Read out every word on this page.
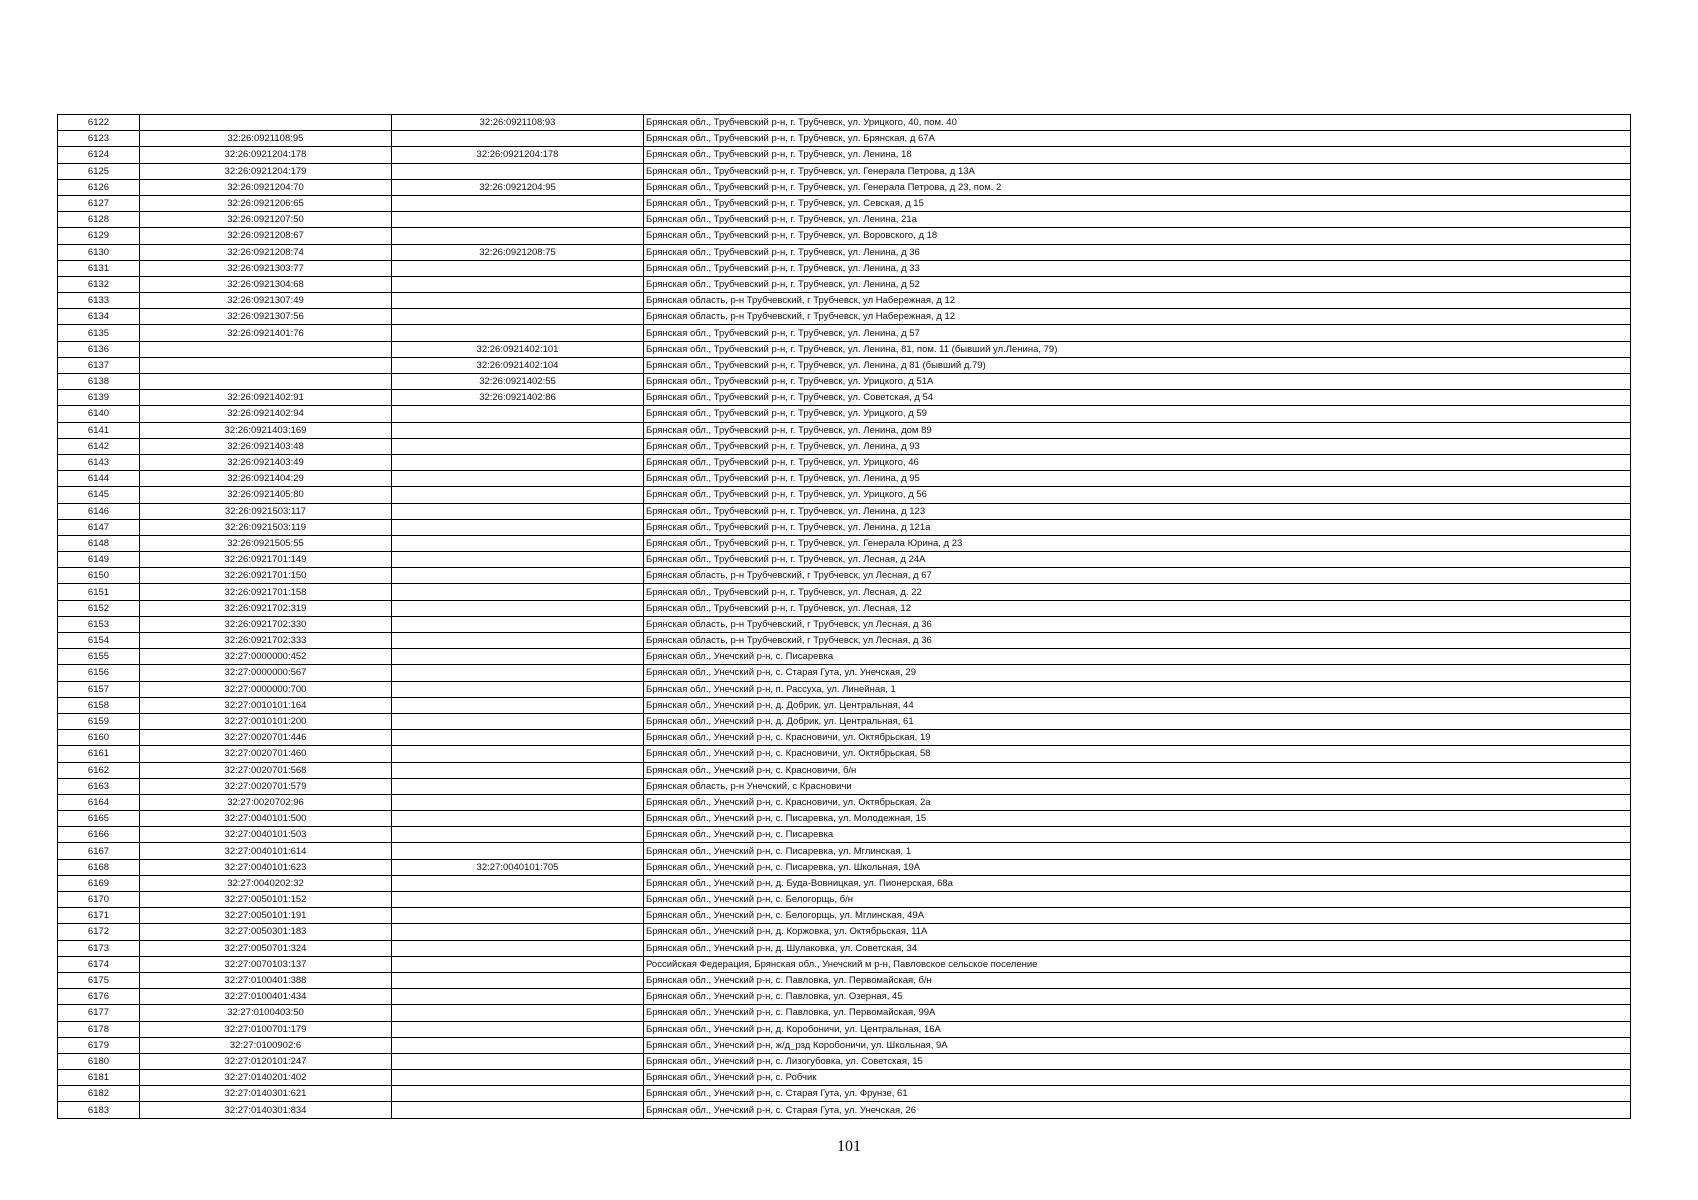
6122		32:26:0921108:93	Брянская обл., Трубчевский р-н, г. Трубчевск, ул. Урицкого, 40, пом. 40
6123	32:26:0921108:95		Брянская обл., Трубчевский р-н, г. Трубчевск, ул. Брянская, д 67А
6124	32:26:0921204:178	32:26:0921204:178	Брянская обл., Трубчевский р-н, г. Трубчевск, ул. Ленина, 18
6125	32:26:0921204:179		Брянская обл., Трубчевский р-н, г. Трубчевск, ул. Генерала Петрова, д 13А
6126	32:26:0921204:70	32:26:0921204:95	Брянская обл., Трубчевский р-н, г. Трубчевск, ул. Генерала Петрова, д 23, пом. 2
6127	32:26:0921206:65		Брянская обл., Трубчевский р-н, г. Трубчевск, ул. Севская, д 15
6128	32:26:0921207:50		Брянская обл., Трубчевский р-н, г. Трубчевск, ул. Ленина, 21а
6129	32:26:0921208:67		Брянская обл., Трубчевский р-н, г. Трубчевск, ул. Воровского, д 18
6130	32:26:0921208:74	32:26:0921208:75	Брянская обл., Трубчевский р-н, г. Трубчевск, ул. Ленина, д 36
6131	32:26:0921303:77		Брянская обл., Трубчевский р-н, г. Трубчевск, ул. Ленина, д 33
6132	32:26:0921304:68		Брянская обл., Трубчевский р-н, г. Трубчевск, ул. Ленина, д 52
6133	32:26:0921307:49		Брянская область, р-н Трубчевский, г Трубчевск, ул Набережная, д 12
6134	32:26:0921307:56		Брянская область, р-н Трубчевский, г Трубчевск, ул Набережная, д 12
6135	32:26:0921401:76		Брянская обл., Трубчевский р-н, г. Трубчевск, ул. Ленина, д 57
6136		32:26:0921402:101	Брянская обл., Трубчевский р-н, г. Трубчевск, ул. Ленина, 81, пом. 11 (бывший ул.Ленина, 79)
6137		32:26:0921402:104	Брянская обл., Трубчевский р-н, г. Трубчевск, ул. Ленина, д 81 (бывший д.79)
6138		32:26:0921402:55	Брянская обл., Трубчевский р-н, г. Трубчевск, ул. Урицкого, д 51А
6139	32:26:0921402:91	32:26:0921402:86	Брянская обл., Трубчевский р-н, г. Трубчевск, ул. Советская, д 54
6140	32:26:0921402:94		Брянская обл., Трубчевский р-н, г. Трубчевск, ул. Урицкого, д 59
6141	32:26:0921403:169		Брянская обл., Трубчевский р-н, г. Трубчевск, ул. Ленина, дом 89
6142	32:26:0921403:48		Брянская обл., Трубчевский р-н, г. Трубчевск, ул. Ленина, д 93
6143	32:26:0921403:49		Брянская обл., Трубчевский р-н, г. Трубчевск, ул. Урицкого, 46
6144	32:26:0921404:29		Брянская обл., Трубчевский р-н, г. Трубчевск, ул. Ленина, д 95
6145	32:26:0921405:80		Брянская обл., Трубчевский р-н, г. Трубчевск, ул. Урицкого, д 56
6146	32:26:0921503:117		Брянская обл., Трубчевский р-н, г. Трубчевск, ул. Ленина, д 123
6147	32:26:0921503:119		Брянская обл., Трубчевский р-н, г. Трубчевск, ул. Ленина, д 121а
6148	32:26:0921505:55		Брянская обл., Трубчевский р-н, г. Трубчевск, ул. Генерала Юрина, д 23
6149	32:26:0921701:149		Брянская обл., Трубчевский р-н, г. Трубчевск, ул. Лесная, д 24А
6150	32:26:0921701:150		Брянская область, р-н Трубчевский, г Трубчевск, ул Лесная, д 67
6151	32:26:0921701:158		Брянская обл., Трубчевский р-н, г. Трубчевск, ул. Лесная, д. 22
6152	32:26:0921702:319		Брянская обл., Трубчевский р-н, г. Трубчевск, ул. Лесная, 12
6153	32:26:0921702:330		Брянская область, р-н Трубчевский, г Трубчевск, ул Лесная, д 36
6154	32:26:0921702:333		Брянская область, р-н Трубчевский, г Трубчевск, ул Лесная, д 36
6155	32:27:0000000:452		Брянская обл., Унечский р-н, с. Писаревка
6156	32:27:0000000:567		Брянская обл., Унечский р-н, с. Старая Гута, ул. Унечская, 29
6157	32:27:0000000:700		Брянская обл., Унечский р-н, п. Рассуха, ул. Линейная, 1
6158	32:27:0010101:164		Брянская обл., Унечский р-н, д. Добрик, ул. Центральная, 44
6159	32:27:0010101:200		Брянская обл., Унечский р-н, д. Добрик, ул. Центральная, 61
6160	32:27:0020701:446		Брянская обл., Унечский р-н, с. Красновичи, ул. Октябрьская, 19
6161	32:27:0020701:460		Брянская обл., Унечский р-н, с. Красновичи, ул. Октябрьская, 58
6162	32:27:0020701:568		Брянская обл., Унечский р-н, с. Красновичи, б/н
6163	32:27:0020701:579		Брянская область, р-н Унечский, с Красновичи
6164	32:27:0020702:96		Брянская обл., Унечский р-н, с. Красновичи, ул. Октябрьская, 2а
6165	32:27:0040101:500		Брянская обл., Унечский р-н, с. Писаревка, ул. Молодежная, 15
6166	32:27:0040101:503		Брянская обл., Унечский р-н, с. Писаревка
6167	32:27:0040101:614		Брянская обл., Унечский р-н, с. Писаревка, ул. Мглинская, 1
6168	32:27:0040101:623	32:27:0040101:705	Брянская обл., Унечский р-н, с. Писаревка, ул. Школьная, 19А
6169	32:27:0040202:32		Брянская обл., Унечский р-н, д. Буда-Вовницкая, ул. Пионерская, 68а
6170	32:27:0050101:152		Брянская обл., Унечский р-н, с. Белогорщь, б/н
6171	32:27:0050101:191		Брянская обл., Унечский р-н, с. Белогорщь, ул. Мглинская, 49А
6172	32:27:0050301:183		Брянская обл., Унечский р-н, д. Коржовка, ул. Октябрьская, 11А
6173	32:27:0050701:324		Брянская обл., Унечский р-н, д. Шулаковка, ул. Советская, 34
6174	32:27:0070103:137		Российская Федерация, Брянская обл., Унечский м р-н, Павловское сельское поселение
6175	32:27:0100401:388		Брянская обл., Унечский р-н, с. Павловка, ул. Первомайская, б/н
6176	32:27:0100401:434		Брянская обл., Унечский р-н, с. Павловка, ул. Озерная, 45
6177	32:27:0100403:50		Брянская обл., Унечский р-н, с. Павловка, ул. Первомайская, 99А
6178	32:27:0100701:179		Брянская обл., Унечский р-н, д. Коробоничи, ул. Центральная, 16А
6179	32:27:0100902:6		Брянская обл., Унечский р-н, ж/д_рзд Коробоничи, ул. Школьная, 9А
6180	32:27:0120101:247		Брянская обл., Унечский р-н, с. Лизогубовка, ул. Советская, 15
6181	32:27:0140201:402		Брянская обл., Унечский р-н, с. Робчик
6182	32:27:0140301:621		Брянская обл., Унечский р-н, с. Старая Гута, ул. Фрунзе, 61
6183	32:27:0140301:834		Брянская обл., Унечский р-н, с. Старая Гута, ул. Унечская, 26
101
